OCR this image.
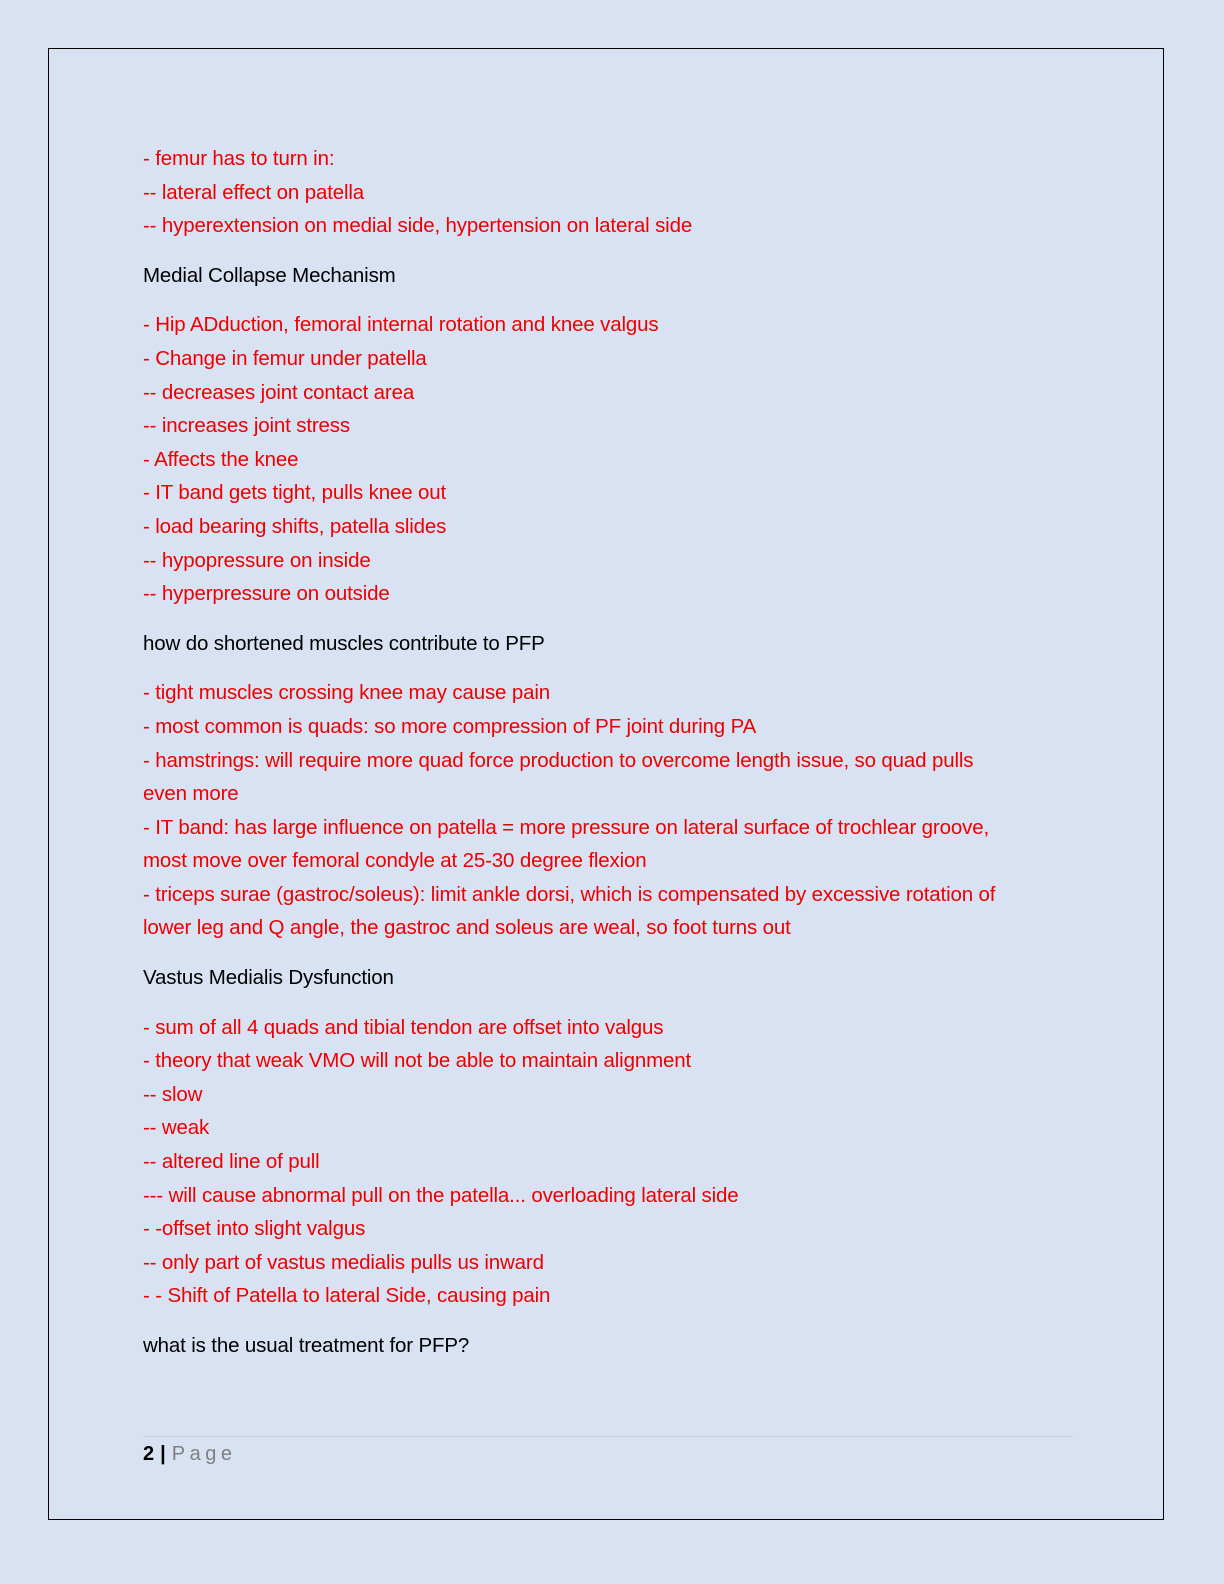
- femur has to turn in:
-- lateral effect on patella
-- hyperextension on medial side, hypertension on lateral side
Medial Collapse Mechanism
- Hip ADduction, femoral internal rotation and knee valgus
- Change in femur under patella
-- decreases joint contact area
-- increases joint stress
- Affects the knee
- IT band gets tight, pulls knee out
- load bearing shifts, patella slides
-- hypopressure on inside
-- hyperpressure on outside
how do shortened muscles contribute to PFP
- tight muscles crossing knee may cause pain
- most common is quads: so more compression of PF joint during PA
- hamstrings: will require more quad force production to overcome length issue, so quad pulls
even more
- IT band: has large influence on patella = more pressure on lateral surface of trochlear groove,
most move over femoral condyle at 25-30 degree flexion
- triceps surae (gastroc/soleus): limit ankle dorsi, which is compensated by excessive rotation of
lower leg and Q angle, the gastroc and soleus are weal, so foot turns out
Vastus Medialis Dysfunction
- sum of all 4 quads and tibial tendon are offset into valgus
- theory that weak VMO will not be able to maintain alignment
-- slow
-- weak
-- altered line of pull
--- will cause abnormal pull on the patella... overloading lateral side
- -offset into slight valgus
-- only part of vastus medialis pulls us inward
- - Shift of Patella to lateral Side, causing pain
what is the usual treatment for PFP?
2 | Page
